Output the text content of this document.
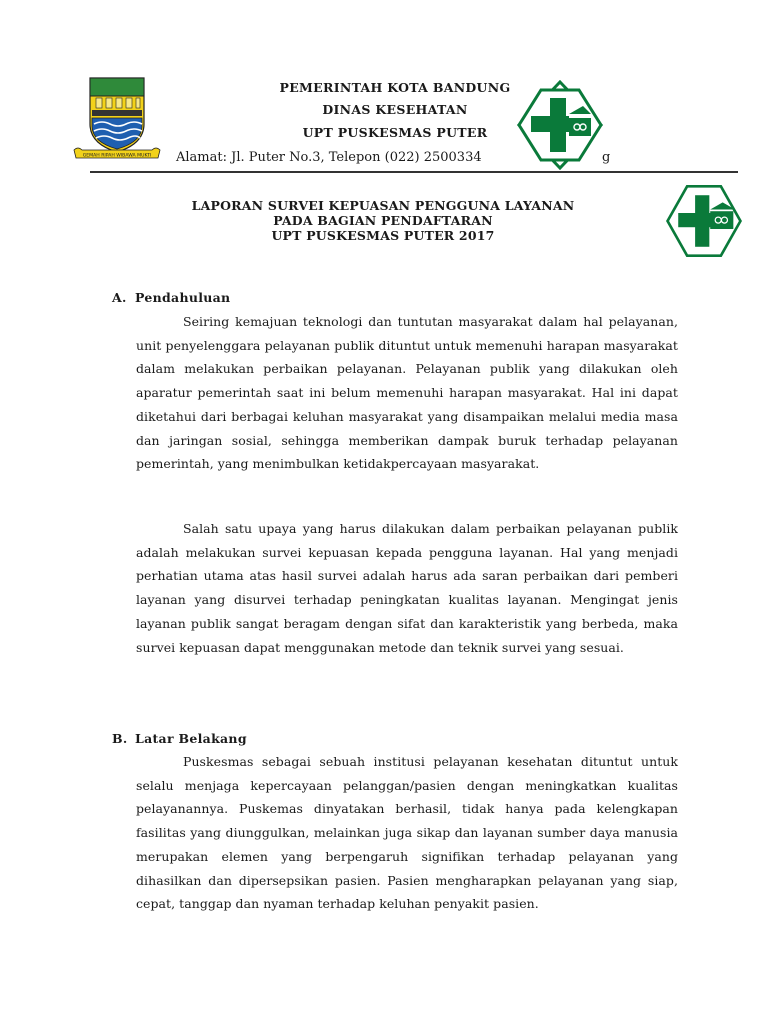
GEMAH RIPAH WIBAWA MUKTI
PEMERINTAH KOTA BANDUNG
DINAS KESEHATAN
UPT PUSKESMAS PUTER
Alamat: Jl. Puter No.3, Telepon (022) 2500334	g
LAPORAN SURVEI KEPUASAN PENGGUNA LAYANAN
PADA BAGIAN PENDAFTARAN
UPT PUSKESMAS PUTER 2017
A. Pendahuluan
Seiring kemajuan teknologi dan tuntutan masyarakat dalam hal pelayanan, unit penyelenggara pelayanan publik dituntut untuk memenuhi harapan masyarakat dalam melakukan perbaikan pelayanan. Pelayanan publik yang dilakukan oleh aparatur pemerintah saat ini belum memenuhi harapan masyarakat. Hal ini dapat diketahui dari berbagai keluhan masyarakat yang disampaikan melalui media masa dan jaringan sosial, sehingga memberikan dampak buruk terhadap pelayanan pemerintah, yang menimbulkan ketidakpercayaan masyarakat.
Salah satu upaya yang harus dilakukan dalam perbaikan pelayanan publik adalah melakukan survei kepuasan kepada pengguna layanan. Hal yang menjadi perhatian utama atas hasil survei adalah harus ada saran perbaikan dari pemberi layanan yang disurvei terhadap peningkatan kualitas layanan. Mengingat jenis layanan publik sangat beragam dengan sifat dan karakteristik yang berbeda, maka survei kepuasan dapat menggunakan metode dan teknik survei yang sesuai.
B. Latar Belakang
Puskesmas sebagai sebuah institusi pelayanan kesehatan dituntut untuk selalu menjaga kepercayaan pelanggan/pasien dengan meningkatkan kualitas pelayanannya. Puskemas dinyatakan berhasil, tidak hanya pada kelengkapan fasilitas yang diunggulkan, melainkan juga sikap dan layanan sumber daya manusia merupakan elemen yang berpengaruh signifikan terhadap pelayanan yang dihasilkan dan dipersepsikan pasien. Pasien mengharapkan pelayanan yang siap, cepat, tanggap dan nyaman terhadap keluhan penyakit pasien.
